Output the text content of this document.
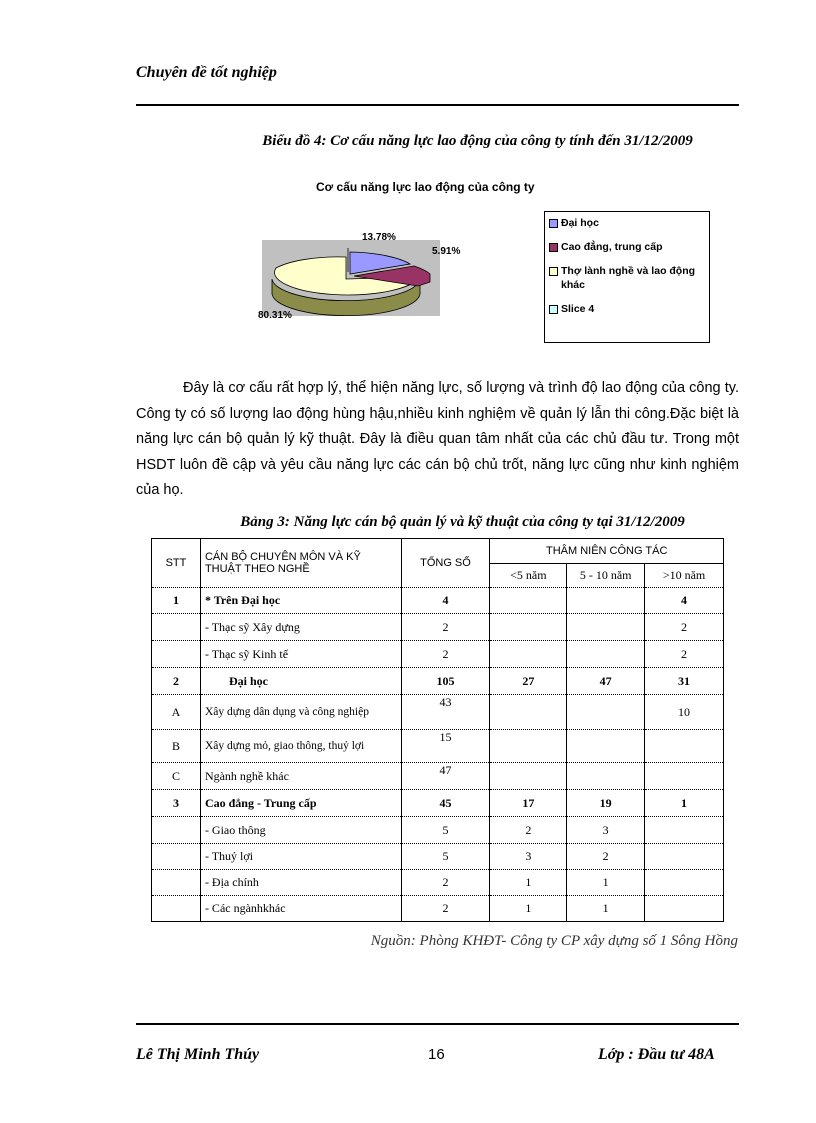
Chuyên đề tốt nghiệp
Biểu đồ 4: Cơ cấu năng lực lao động của công ty tính đến 31/12/2009
Cơ cấu năng lực lao động của công ty
13.78%
5.91%
80.31%
Đại học
Cao đẳng, trung cấp
Thợ lành nghề và lao động khác
Slice 4
Đây là cơ cấu rất hợp lý, thể hiện năng lực, số lượng và trình độ lao động của công ty. Công ty có số lượng lao động hùng hậu,nhiều kinh nghiệm về quản lý lẫn thi công.Đặc biệt là năng lực cán bộ quản lý kỹ thuật. Đây là điều quan tâm nhất của các chủ đầu tư. Trong một HSDT luôn đề cập và yêu cầu năng lực các cán bộ chủ trốt, năng lực cũng như kinh nghiệm của họ.
Bảng 3: Năng lực cán bộ quản lý và kỹ thuật của công ty tại 31/12/2009
STT	CÁN BỘ CHUYÊN MÔN VÀ KỸ THUẬT THEO NGHỀ	TỔNG SỐ	THÂM NIÊN CÔNG TÁC		
			<5 năm	5 - 10 năm	>10 năm
1	* Trên Đại học	4			4
	- Thạc sỹ Xây dựng	2			2
	- Thạc sỹ Kinh tế	2			2
2	Đại học	105	27	47	31
A	Xây dựng dân dụng và công nghiệp	43			10
B	Xây dựng mỏ, giao thông, thuỷ lợi	15			
C	Ngành nghề khác	47			
3	Cao đẳng - Trung cấp	45	17	19	1
	- Giao thông	5	2	3	
	- Thuỷ lợi	5	3	2	
	- Địa chính	2	1	1	
	- Các ngànhkhác	2	1	1	
Nguồn: Phòng KHĐT- Công ty CP xây dựng số 1 Sông Hồng
Lê Thị Minh Thúy	16	Lớp : Đầu tư 48A
